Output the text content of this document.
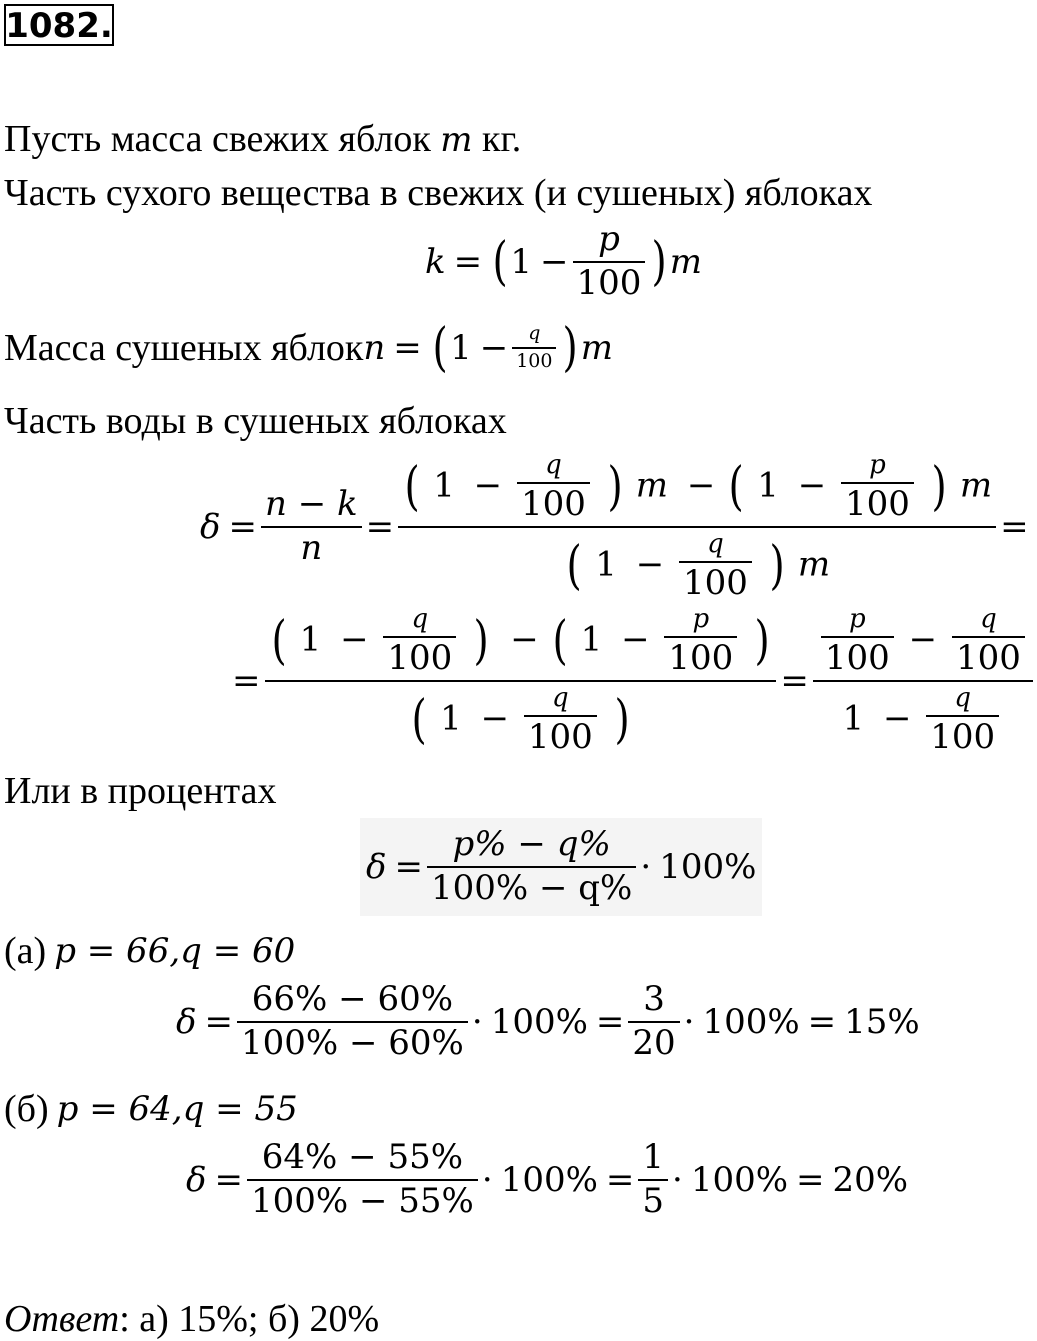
1082.
Пусть масса свежих яблок m кг.
Часть сухого вещества в свежих (и сушеных) яблоках
k = ( $1 - \frac{p}{100}$ ) m
Масса сушеных яблок n = ( $1 - \frac{q}{100}$ ) m
Часть воды в сушеных яблоках
$\delta = \frac{n - k}{n}$ =
( $1 - \frac{q}{100}$ ) m − ( $1 - \frac{p}{100}$ ) m
( $1 - \frac{q}{100}$ ) m
=
=
( $1 - \frac{q}{100}$ ) − ( $1 - \frac{p}{100}$ )
( $1 - \frac{q}{100}$ )
= $\frac{\frac{p}{100} - \frac{q}{100}}{1 - \frac{q}{100}}$
Или в процентах
$\delta = \frac{p\% - q\%}{100\% - q\%} \cdot 100\%$
(а) p = 66, q = 60
$\delta = \frac{66\% - 60\%}{100\% - 60\%} \cdot 100\% = \frac{3}{20} \cdot 100\% = 15\%$
(б) p = 64, q = 55
$\delta = \frac{64\% - 55\%}{100\% - 55\%} \cdot 100\% = \frac{1}{5} \cdot 100\% = 20\%$
Ответ: а) 15%; б) 20%
